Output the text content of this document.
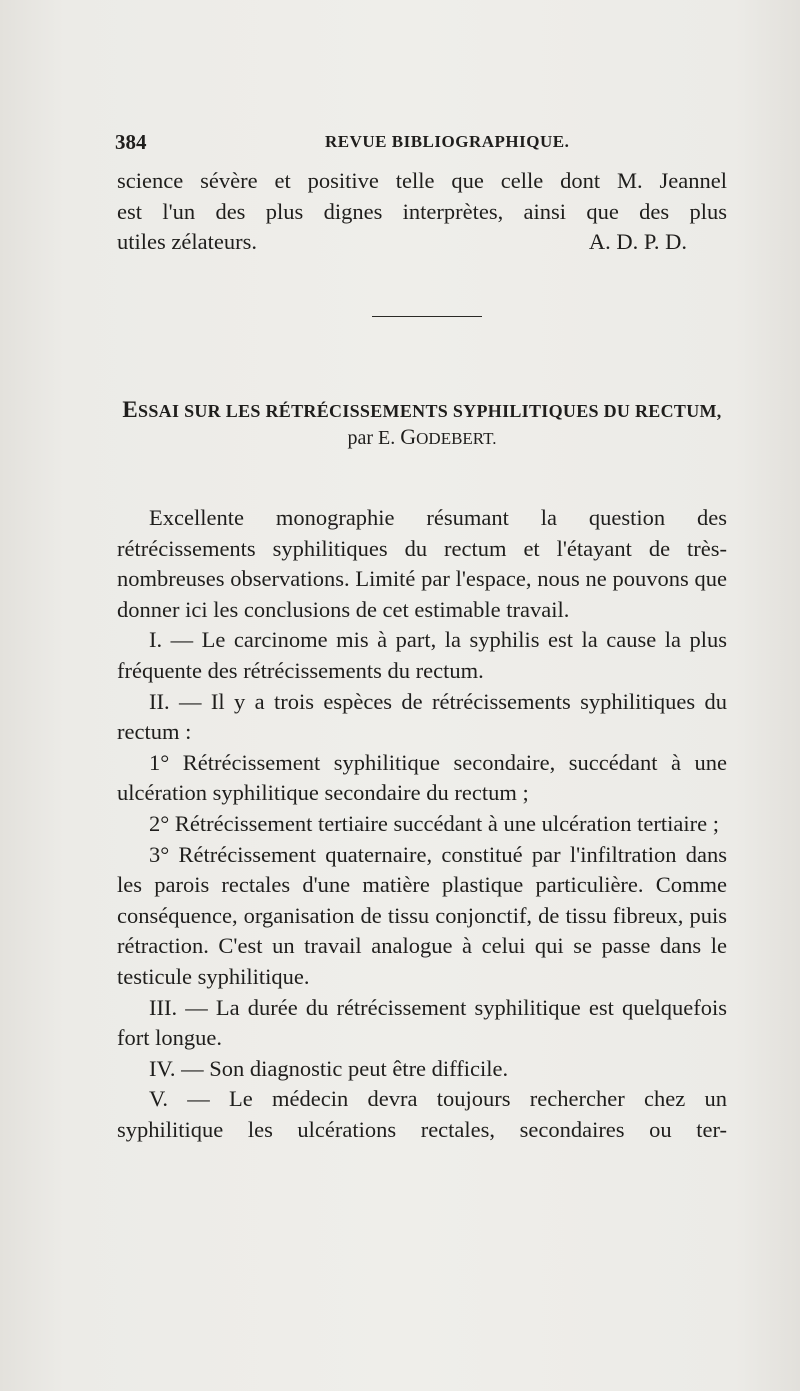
384	REVUE BIBLIOGRAPHIQUE.

science sévère et positive telle que celle dont M. Jeannel

est l'un des plus dignes interprètes, ainsi que des plus

utiles zélateurs.	A. D. P. D.

ESSAI SUR LES RÉTRÉCISSEMENTS SYPHILITIQUES DU RECTUM,
par E. GODEBERT.

Excellente monographie résumant la question des rétrécissements syphilitiques du rectum et l'étayant de très-nombreuses observations. Limité par l'espace, nous ne pouvons que donner ici les conclusions de cet estimable travail.

I. — Le carcinome mis à part, la syphilis est la cause la plus fréquente des rétrécissements du rectum.

II. — Il y a trois espèces de rétrécissements syphilitiques du rectum :

1° Rétrécissement syphilitique secondaire, succédant à une ulcération syphilitique secondaire du rectum ;

2° Rétrécissement tertiaire succédant à une ulcération tertiaire ;

3° Rétrécissement quaternaire, constitué par l'infiltration dans les parois rectales d'une matière plastique particulière. Comme conséquence, organisation de tissu conjonctif, de tissu fibreux, puis rétraction. C'est un travail analogue à celui qui se passe dans le testicule syphilitique.

III. — La durée du rétrécissement syphilitique est quelquefois fort longue.

IV. — Son diagnostic peut être difficile.

V. — Le médecin devra toujours rechercher chez un syphilitique les ulcérations rectales, secondaires ou ter-
